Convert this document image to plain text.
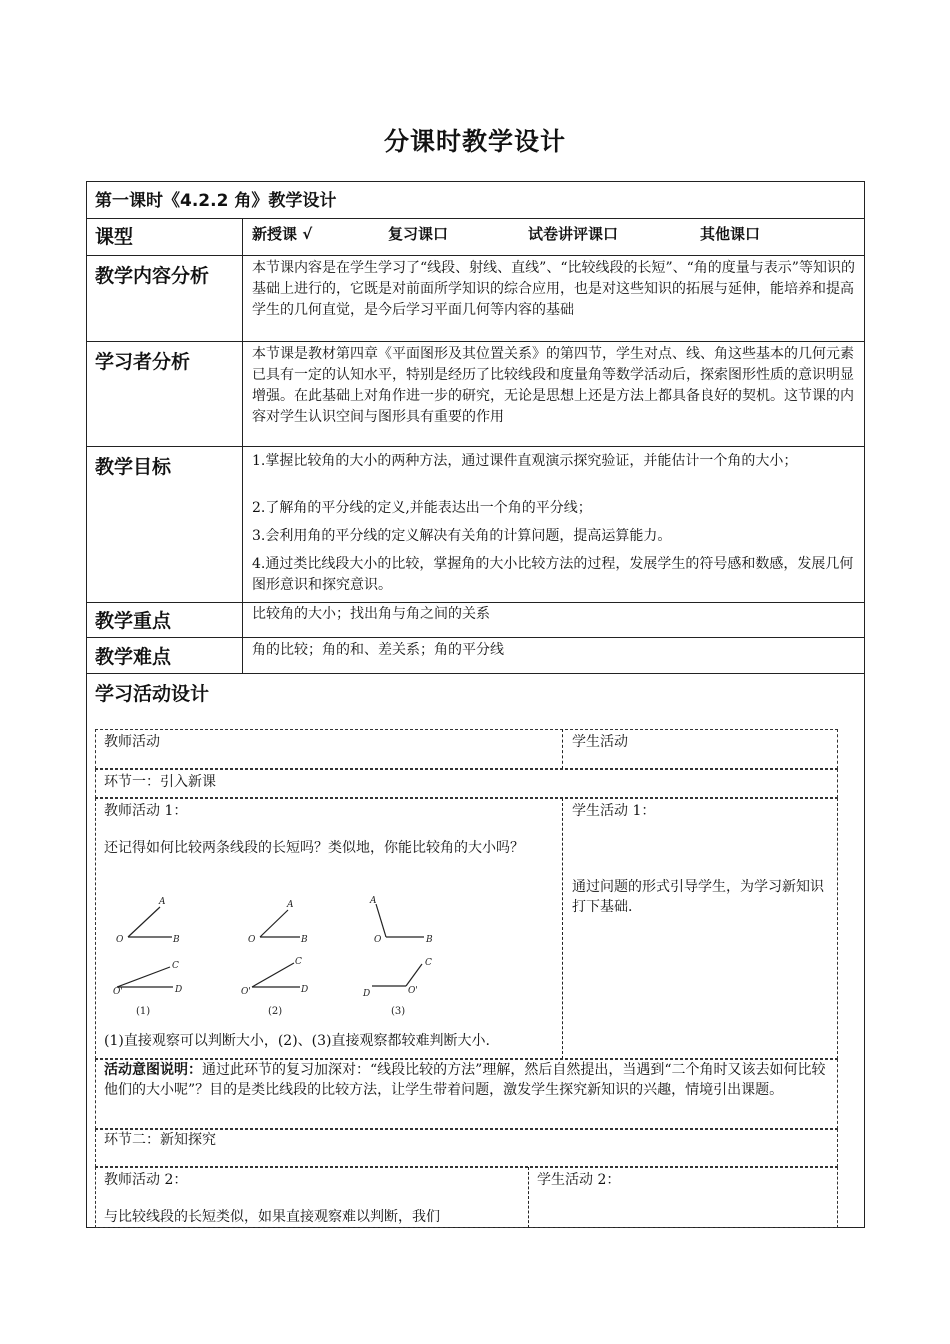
分课时教学设计
第一课时《4.2.2 角》教学设计
课型	新授课 √	复习课口	试卷讲评课口	其他课口
教学内容分析	本节课内容是在学生学习了“线段、射线、直线”、“比较线段的长短”、“角的度量与表示”等知识的基础上进行的，它既是对前面所学知识的综合应用，也是对这些知识的拓展与延伸，能培养和提高学生的几何直觉，是今后学习平面几何等内容的基础
学习者分析	本节课是教材第四章《平面图形及其位置关系》的第四节，学生对点、线、角这些基本的几何元素已具有一定的认知水平，特别是经历了比较线段和度量角等数学活动后，探索图形性质的意识明显增强。在此基础上对角作进一步的研究，无论是思想上还是方法上都具备良好的契机。这节课的内容对学生认识空间与图形具有重要的作用
教学目标	1.掌握比较角的大小的两种方法，通过课件直观演示探究验证，并能估计一个角的大小；
2.了解角的平分线的定义,并能表达出一个角的平分线；
3.会利用角的平分线的定义解决有关角的计算问题，提高运算能力。
4.通过类比线段大小的比较，掌握角的大小比较方法的过程，发展学生的符号感和数感，发展几何图形意识和探究意识。
教学重点	比较角的大小；找出角与角之间的关系
教学难点	角的比较；角的和、差关系；角的平分线
学习活动设计
教师活动	学生活动
环节一：引入新课
教师活动 1：
还记得如何比较两条线段的长短吗？类似地，你能比较角的大小吗？
A
O	B
C
O'	D
A
O	B
C
O'	D
A
O	B
C
D	O'
(1)	(2)	(3)
(1)直接观察可以判断大小，(2)、(3)直接观察都较难判断大小.
学生活动 1：
通过问题的形式引导学生，为学习新知识打下基础.
活动意图说明：通过此环节的复习加深对：“线段比较的方法”理解，然后自然提出，当遇到“二个角时又该去如何比较他们的大小呢”？目的是类比线段的比较方法，让学生带着问题，激发学生探究新知识的兴趣，情境引出课题。
环节二：新知探究
教师活动 2：
与比较线段的长短类似，如果直接观察难以判断，我们
学生活动 2：
